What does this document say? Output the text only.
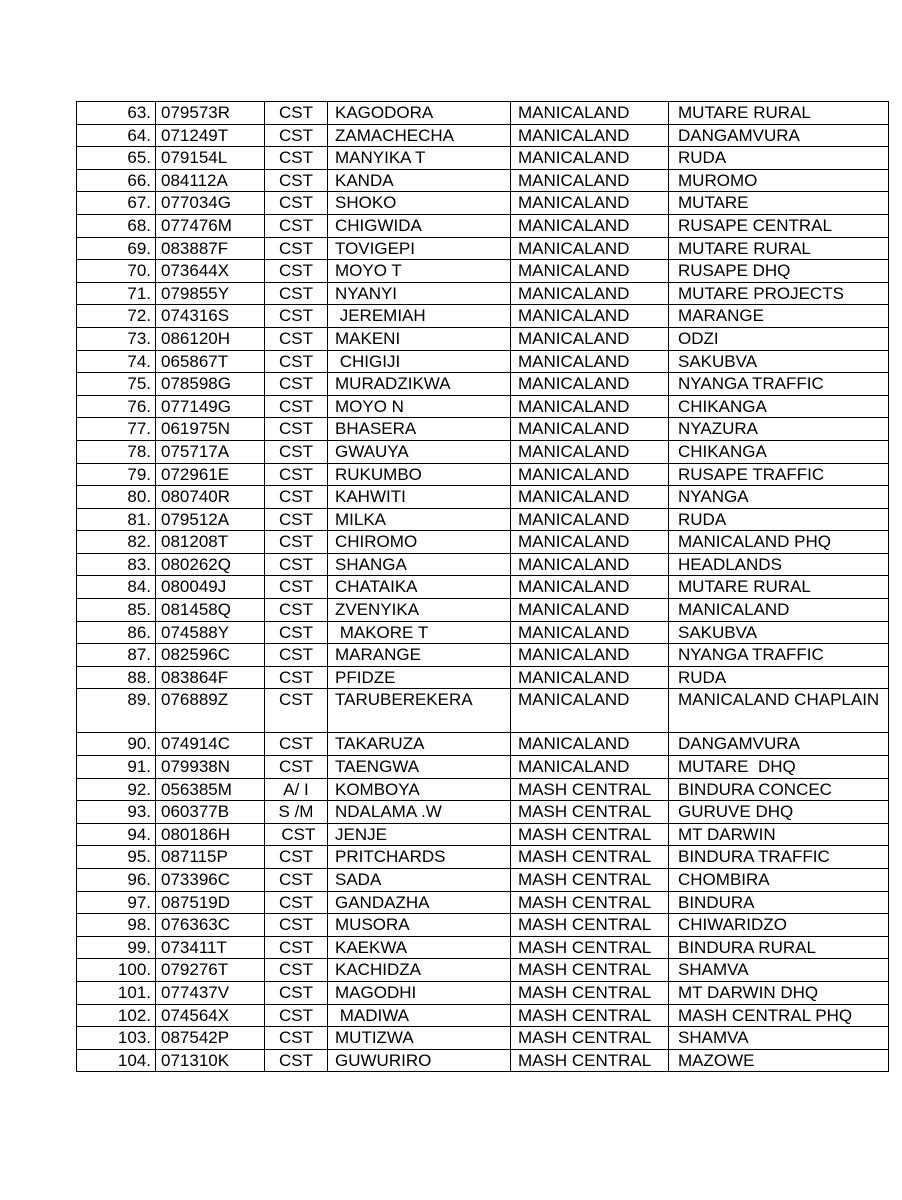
63.	079573R	CST	KAGODORA	MANICALAND	MUTARE RURAL
64.	071249T	CST	ZAMACHECHA	MANICALAND	DANGAMVURA
65.	079154L	CST	MANYIKA T	MANICALAND	RUDA
66.	084112A	CST	KANDA	MANICALAND	MUROMO
67.	077034G	CST	SHOKO	MANICALAND	MUTARE
68.	077476M	CST	CHIGWIDA	MANICALAND	RUSAPE CENTRAL
69.	083887F	CST	TOVIGEPI	MANICALAND	MUTARE RURAL
70.	073644X	CST	MOYO T	MANICALAND	RUSAPE DHQ
71.	079855Y	CST	NYANYI	MANICALAND	MUTARE PROJECTS
72.	074316S	CST	JEREMIAH	MANICALAND	MARANGE
73.	086120H	CST	MAKENI	MANICALAND	ODZI
74.	065867T	CST	CHIGIJI	MANICALAND	SAKUBVA
75.	078598G	CST	MURADZIKWA	MANICALAND	NYANGA TRAFFIC
76.	077149G	CST	MOYO N	MANICALAND	CHIKANGA
77.	061975N	CST	BHASERA	MANICALAND	NYAZURA
78.	075717A	CST	GWAUYA	MANICALAND	CHIKANGA
79.	072961E	CST	RUKUMBO	MANICALAND	RUSAPE TRAFFIC
80.	080740R	CST	KAHWITI	MANICALAND	NYANGA
81.	079512A	CST	MILKA	MANICALAND	RUDA
82.	081208T	CST	CHIROMO	MANICALAND	MANICALAND PHQ
83.	080262Q	CST	SHANGA	MANICALAND	HEADLANDS
84.	080049J	CST	CHATAIKA	MANICALAND	MUTARE RURAL
85.	081458Q	CST	ZVENYIKA	MANICALAND	MANICALAND
86.	074588Y	CST	MAKORE T	MANICALAND	SAKUBVA
87.	082596C	CST	MARANGE	MANICALAND	NYANGA TRAFFIC
88.	083864F	CST	PFIDZE	MANICALAND	RUDA
89.	076889Z	CST	TARUBEREKERA	MANICALAND	MANICALAND CHAPLAIN
90.	074914C	CST	TAKARUZA	MANICALAND	DANGAMVURA
91.	079938N	CST	TAENGWA	MANICALAND	MUTARE  DHQ
92.	056385M	A/ I	KOMBOYA	MASH CENTRAL	BINDURA CONCEC
93.	060377B	S /M	NDALAMA .W	MASH CENTRAL	GURUVE DHQ
94.	080186H	CST	JENJE	MASH CENTRAL	MT DARWIN
95.	087115P	CST	PRITCHARDS	MASH CENTRAL	BINDURA TRAFFIC
96.	073396C	CST	SADA	MASH CENTRAL	CHOMBIRA
97.	087519D	CST	GANDAZHA	MASH CENTRAL	BINDURA
98.	076363C	CST	MUSORA	MASH CENTRAL	CHIWARIDZO
99.	073411T	CST	KAEKWA	MASH CENTRAL	BINDURA RURAL
100.	079276T	CST	KACHIDZA	MASH CENTRAL	SHAMVA
101.	077437V	CST	MAGODHI	MASH CENTRAL	MT DARWIN DHQ
102.	074564X	CST	MADIWA	MASH CENTRAL	MASH CENTRAL PHQ
103.	087542P	CST	MUTIZWA	MASH CENTRAL	SHAMVA
104.	071310K	CST	GUWURIRO	MASH CENTRAL	MAZOWE
